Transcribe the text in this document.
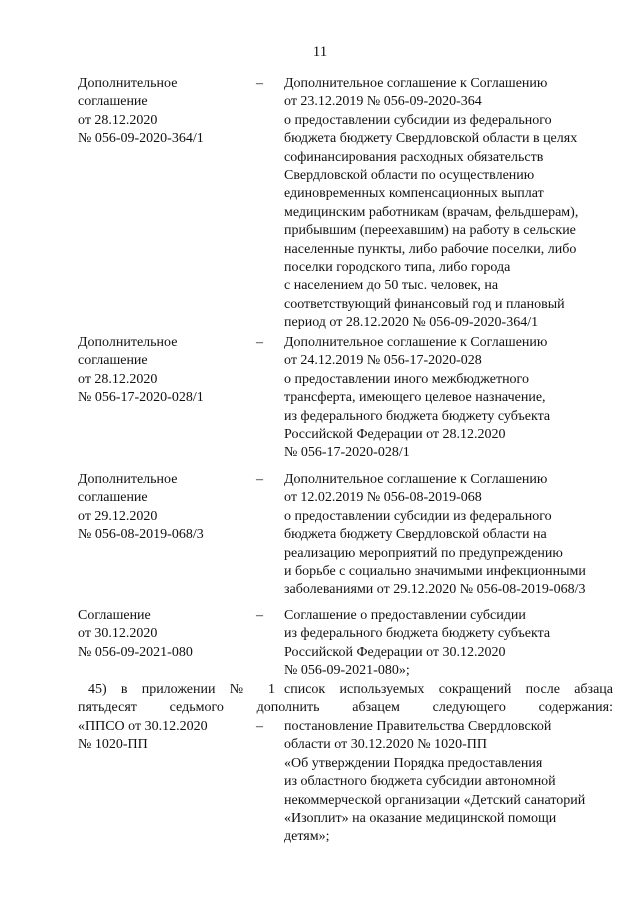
11
Дополнительное
соглашение
от 28.12.2020
№ 056-09-2020-364/1
– Дополнительное соглашение к Соглашению
от 23.12.2019 № 056-09-2020-364
о предоставлении субсидии из федерального
бюджета бюджету Свердловской области в целях
софинансирования расходных обязательств
Свердловской области по осуществлению
единовременных компенсационных выплат
медицинским работникам (врачам, фельдшерам),
прибывшим (переехавшим) на работу в сельские
населенные пункты, либо рабочие поселки, либо
поселки городского типа, либо города
с населением до 50 тыс. человек, на
соответствующий финансовый год и плановый
период от 28.12.2020 № 056-09-2020-364/1
Дополнительное
соглашение
от 28.12.2020
№ 056-17-2020-028/1
– Дополнительное соглашение к Соглашению
от 24.12.2019 № 056-17-2020-028
о предоставлении иного межбюджетного
трансферта, имеющего целевое назначение,
из федерального бюджета бюджету субъекта
Российской Федерации от 28.12.2020
№ 056-17-2020-028/1
Дополнительное
соглашение
от 29.12.2020
№ 056-08-2019-068/3
– Дополнительное соглашение к Соглашению
от 12.02.2019 № 056-08-2019-068
о предоставлении субсидии из федерального
бюджета бюджету Свердловской области на
реализацию мероприятий по предупреждению
и борьбе с социально значимыми инфекционными
заболеваниями от 29.12.2020 № 056-08-2019-068/3
Соглашение
от 30.12.2020
№ 056-09-2021-080
– Соглашение о предоставлении субсидии
из федерального бюджета бюджету субъекта
Российской Федерации от 30.12.2020
№ 056-09-2021-080»;
45) в приложении № 1 список используемых сокращений после абзаца
пятьдесят седьмого дополнить абзацем следующего содержания:
«ППСО от 30.12.2020
№ 1020-ПП
– постановление Правительства Свердловской
области от 30.12.2020 № 1020-ПП
«Об утверждении Порядка предоставления
из областного бюджета субсидии автономной
некоммерческой организации «Детский санаторий
«Изоплит» на оказание медицинской помощи
детям»;
